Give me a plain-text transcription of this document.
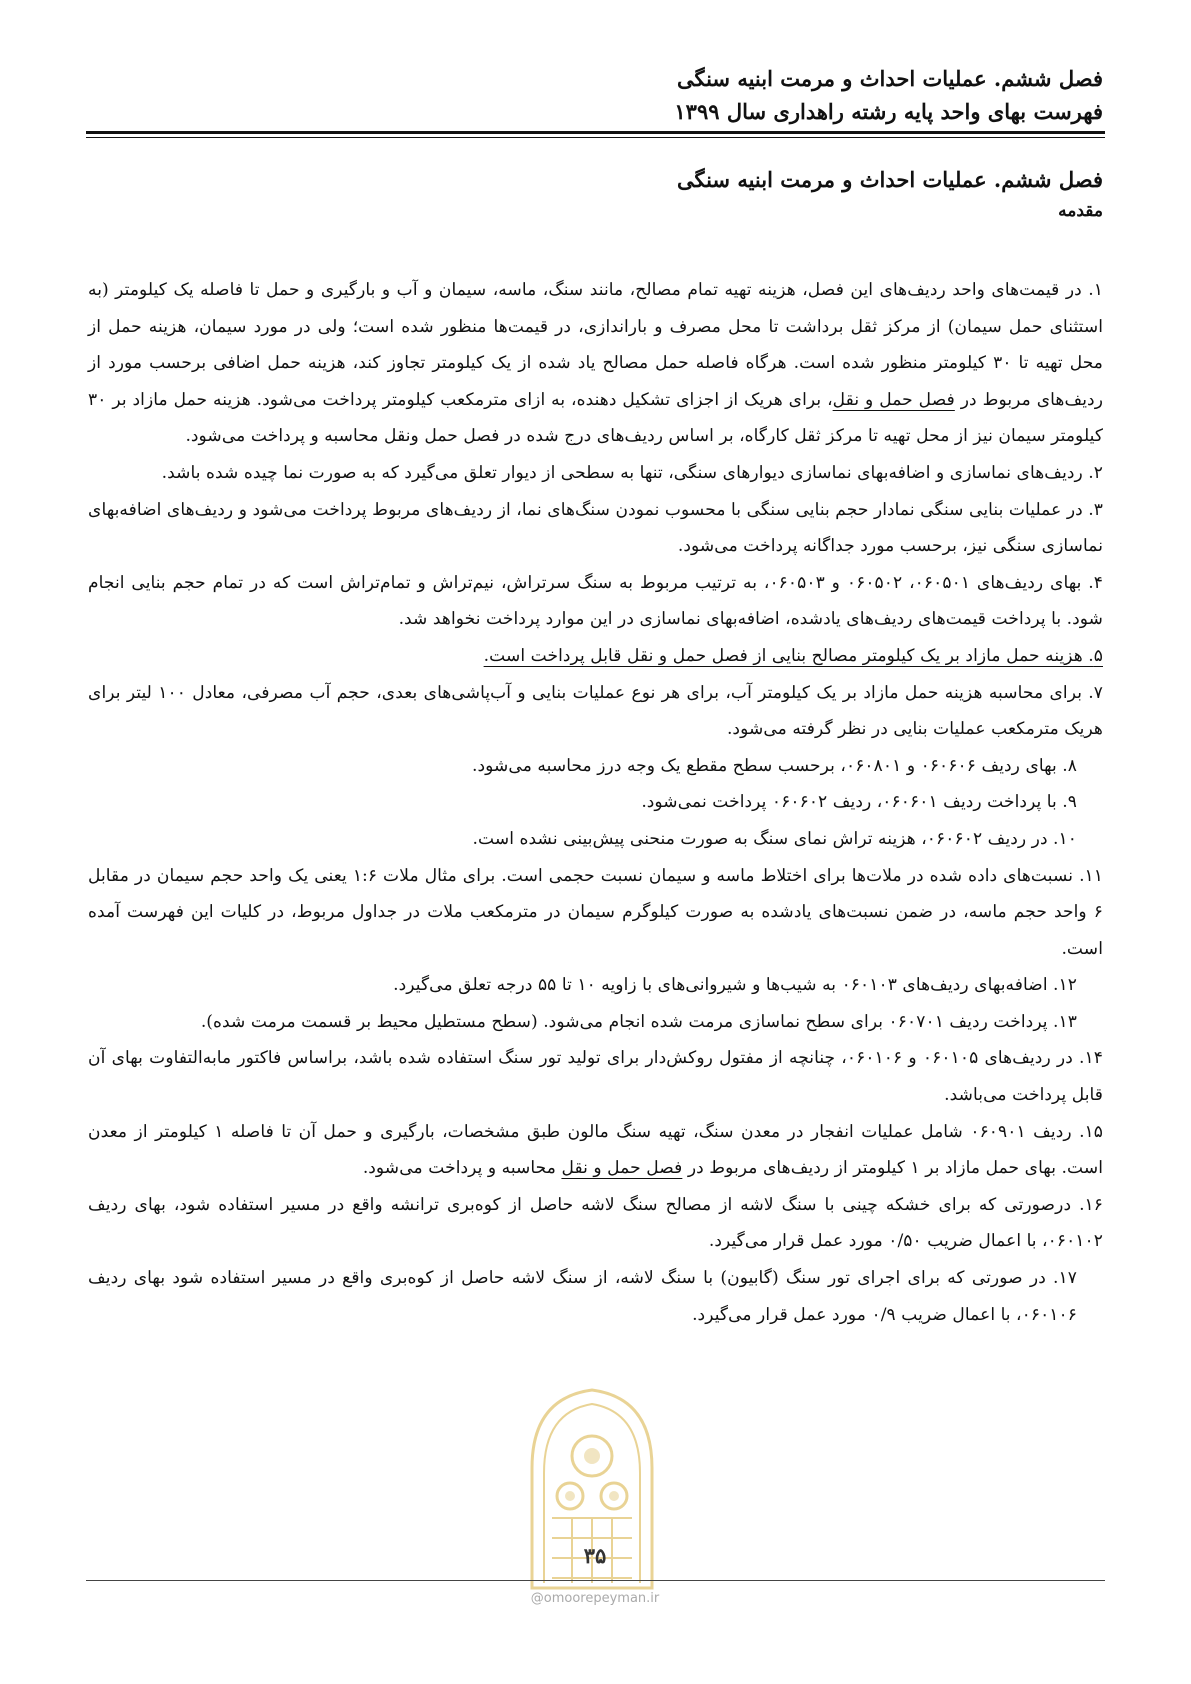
فصل ششم. عملیات احداث و مرمت ابنیه سنگی
فهرست بهای واحد پایه رشته راهداری سال ۱۳۹۹
فصل ششم. عملیات احداث و مرمت ابنیه سنگی
مقدمه

۱. در قیمت‌های واحد ردیف‌های این فصل، هزینه تهیه تمام مصالح، مانند سنگ، ماسه، سیمان و آب و بارگیری و حمل تا فاصله یک کیلومتر (به استثنای حمل سیمان) از مرکز ثقل برداشت تا محل مصرف و باراندازی، در قیمت‌ها منظور شده است؛ ولی در مورد سیمان، هزینه حمل از محل تهیه تا ۳۰ کیلومتر منظور شده است. هرگاه فاصله حمل مصالح یاد شده از یک کیلومتر تجاوز کند، هزینه حمل اضافی برحسب مورد از ردیف‌های مربوط در فصل حمل و نقل، برای هریک از اجزای تشکیل دهنده، به ازای مترمکعب کیلومتر پرداخت می‌شود. هزینه حمل مازاد بر ۳۰ کیلومتر سیمان نیز از محل تهیه تا مرکز ثقل کارگاه، بر اساس ردیف‌های درج شده در فصل حمل ونقل محاسبه و پرداخت می‌شود.

۲. ردیف‌های نماسازی و اضافه‌بهای نماسازی دیوارهای سنگی، تنها به سطحی از دیوار تعلق می‌گیرد که به صورت نما چیده شده باشد.

۳. در عملیات بنایی سنگی نمادار حجم بنایی سنگی با محسوب نمودن سنگ‌های نما، از ردیف‌های مربوط پرداخت می‌شود و ردیف‌های اضافه‌بهای نماسازی سنگی نیز، برحسب مورد جداگانه پرداخت می‌شود.

۴. بهای ردیف‌های ۰۶۰۵۰۱، ۰۶۰۵۰۲ و ۰۶۰۵۰۳، به ترتیب مربوط به سنگ سرتراش، نیم‌تراش و تمام‌تراش است که در تمام حجم بنایی انجام شود. با پرداخت قیمت‌های ردیف‌های یادشده، اضافه‌بهای نماسازی در این موارد پرداخت نخواهد شد.

۵. هزینه حمل مازاد بر یک کیلومتر مصالح بنایی از فصل حمل و نقل قابل پرداخت است.

۷. برای محاسبه هزینه حمل مازاد بر یک کیلومتر آب، برای هر نوع عملیات بنایی و آب‌پاشی‌های بعدی، حجم آب مصرفی، معادل ۱۰۰ لیتر برای هریک مترمکعب عملیات بنایی در نظر گرفته می‌شود.

۸. بهای ردیف ۰۶۰۶۰۶ و ۰۶۰۸۰۱، برحسب سطح مقطع یک وجه درز محاسبه می‌شود.

۹. با پرداخت ردیف ۰۶۰۶۰۱، ردیف ۰۶۰۶۰۲ پرداخت نمی‌شود.

۱۰. در ردیف ۰۶۰۶۰۲، هزینه تراش نمای سنگ به صورت منحنی پیش‌بینی نشده است.

۱۱. نسبت‌های داده شده در ملات‌ها برای اختلاط ماسه و سیمان نسبت حجمی است. برای مثال ملات ۱:۶ یعنی یک واحد حجم سیمان در مقابل ۶ واحد حجم ماسه، در ضمن نسبت‌های یادشده به صورت کیلوگرم سیمان در مترمکعب ملات در جداول مربوط، در کلیات این فهرست آمده است.

۱۲. اضافه‌بهای ردیف‌های ۰۶۰۱۰۳ به شیب‌ها و شیروانی‌های با زاویه ۱۰ تا ۵۵ درجه تعلق می‌گیرد.

۱۳. پرداخت ردیف ۰۶۰۷۰۱ برای سطح نماسازی مرمت شده انجام می‌شود. (سطح مستطیل محیط بر قسمت مرمت شده).

۱۴. در ردیف‌های ۰۶۰۱۰۵ و ۰۶۰۱۰۶، چنانچه از مفتول روکش‌دار برای تولید تور سنگ استفاده شده باشد، براساس فاکتور مابه‌التفاوت بهای آن قابل پرداخت می‌باشد.

۱۵. ردیف ۰۶۰۹۰۱ شامل عملیات انفجار در معدن سنگ، تهیه سنگ مالون طبق مشخصات، بارگیری و حمل آن تا فاصله ۱ کیلومتر از معدن است. بهای حمل مازاد بر ۱ کیلومتر از ردیف‌های مربوط در فصل حمل و نقل محاسبه و پرداخت می‌شود.

۱۶. درصورتی که برای خشکه چینی با سنگ لاشه از مصالح سنگ لاشه حاصل از کوه‌بری ترانشه واقع در مسیر استفاده شود، بهای ردیف ۰۶۰۱۰۲، با اعمال ضریب ۰/۵۰ مورد عمل قرار می‌گیرد.

۱۷. در صورتی که برای اجرای تور سنگ (گابیون) با سنگ لاشه، از سنگ لاشه حاصل از کوه‌بری واقع در مسیر استفاده شود بهای ردیف ۰۶۰۱۰۶، با اعمال ضریب ۰/۹ مورد عمل قرار می‌گیرد.

۳۵
@omoorepeyman.ir
